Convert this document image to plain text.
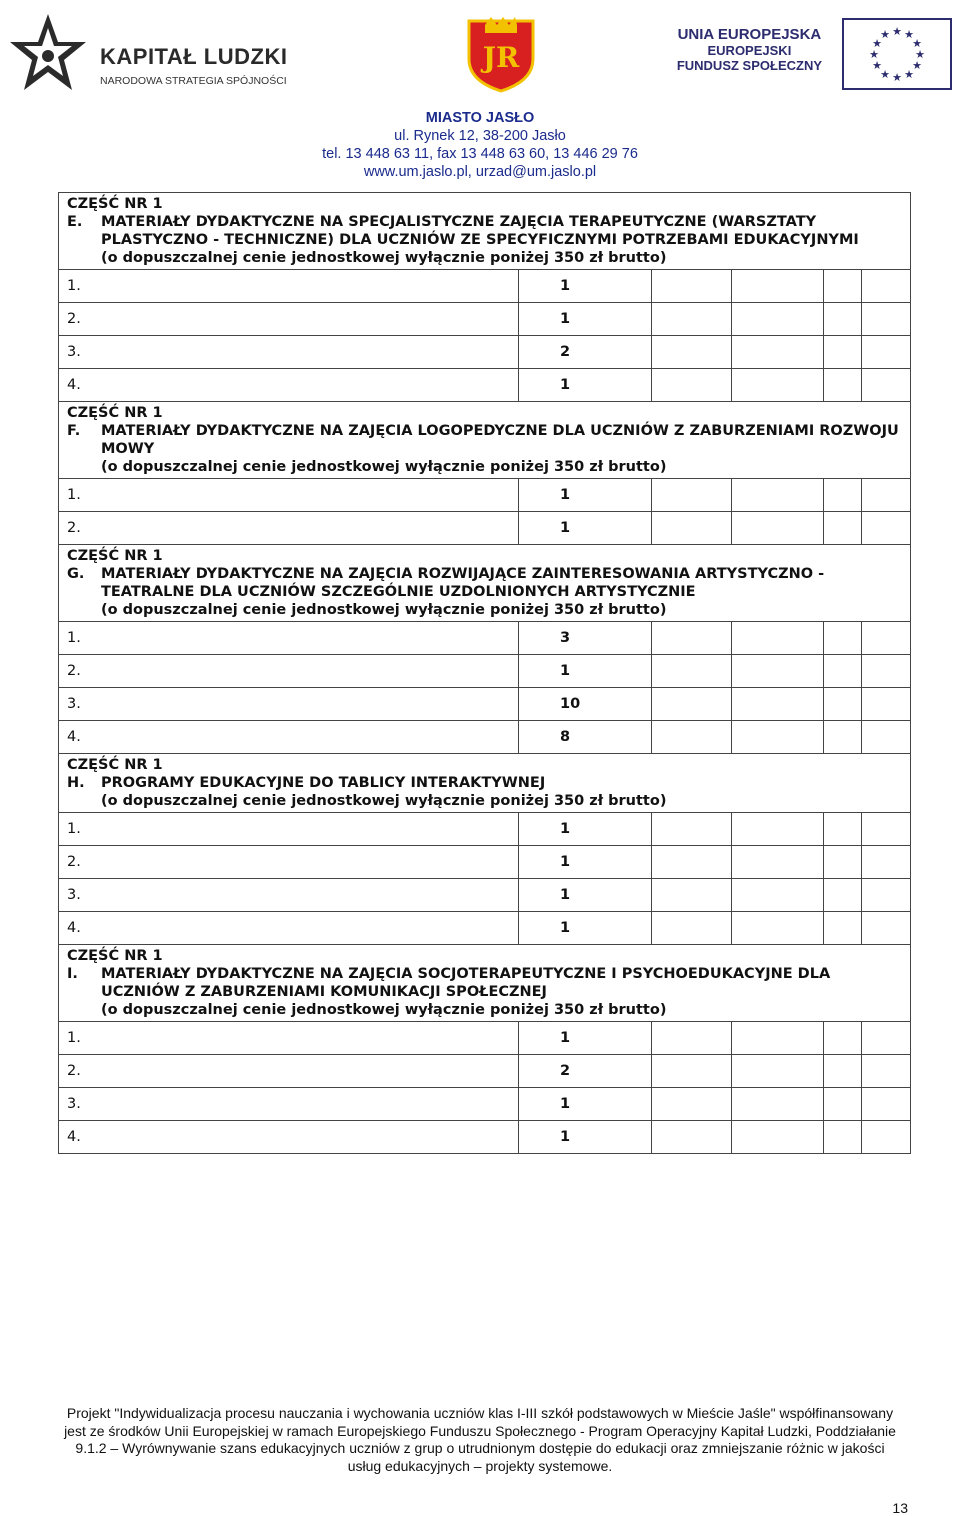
KAPITAŁ LUDZKI
NARODOWA STRATEGIA SPÓJNOŚCI
JR
UNIA EUROPEJSKA
EUROPEJSKI
FUNDUSZ SPOŁECZNY
★ ★
★
★
★
★
★
★
★
★
★
★
MIASTO JASŁO
ul. Rynek 12, 38-200 Jasło
tel. 13 448 63 11, fax 13 448 63 60, 13 446 29 76
www.um.jaslo.pl, urzad@um.jaslo.pl
CZĘŚĆ NR 1
E.	MATERIAŁY DYDAKTYCZNE NA SPECJALISTYCZNE ZAJĘCIA TERAPEUTYCZNE (WARSZTATY PLASTYCZNO - TECHNICZNE) DLA UCZNIÓW ZE SPECYFICZNYMI POTRZEBAMI EDUKACYJNYMI
(o dopuszczalnej cenie jednostkowej wyłącznie poniżej 350 zł brutto)
1.	1
2.	1
3.	2
4.	1
CZĘŚĆ NR 1
F.	MATERIAŁY DYDAKTYCZNE NA ZAJĘCIA LOGOPEDYCZNE DLA UCZNIÓW Z ZABURZENIAMI ROZWOJU MOWY
(o dopuszczalnej cenie jednostkowej wyłącznie poniżej 350 zł brutto)
1.	1
2.	1
CZĘŚĆ NR 1
G.	MATERIAŁY DYDAKTYCZNE NA ZAJĘCIA ROZWIJAJĄCE ZAINTERESOWANIA ARTYSTYCZNO - TEATRALNE DLA UCZNIÓW SZCZEGÓLNIE UZDOLNIONYCH ARTYSTYCZNIE
(o dopuszczalnej cenie jednostkowej wyłącznie poniżej 350 zł brutto)
1.	3
2.	1
3.	10
4.	8
CZĘŚĆ NR 1
H.	PROGRAMY EDUKACYJNE DO TABLICY INTERAKTYWNEJ
(o dopuszczalnej cenie jednostkowej wyłącznie poniżej 350 zł brutto)
1.	1
2.	1
3.	1
4.	1
CZĘŚĆ NR 1
I.	MATERIAŁY DYDAKTYCZNE NA ZAJĘCIA SOCJOTERAPEUTYCZNE I PSYCHOEDUKACYJNE DLA UCZNIÓW Z ZABURZENIAMI KOMUNIKACJI SPOŁECZNEJ
(o dopuszczalnej cenie jednostkowej wyłącznie poniżej 350 zł brutto)
1.	1
2.	2
3.	1
4.	1
Projekt "Indywidualizacja procesu nauczania i wychowania uczniów klas I-III szkół podstawowych w Mieście Jaśle" współfinansowany
jest ze środków Unii Europejskiej w ramach Europejskiego Funduszu Społecznego - Program Operacyjny Kapitał Ludzki, Poddziałanie
9.1.2 – Wyrównywanie szans edukacyjnych uczniów z grup o utrudnionym dostępie do edukacji oraz zmniejszanie różnic w jakości
usług edukacyjnych – projekty systemowe.
13
